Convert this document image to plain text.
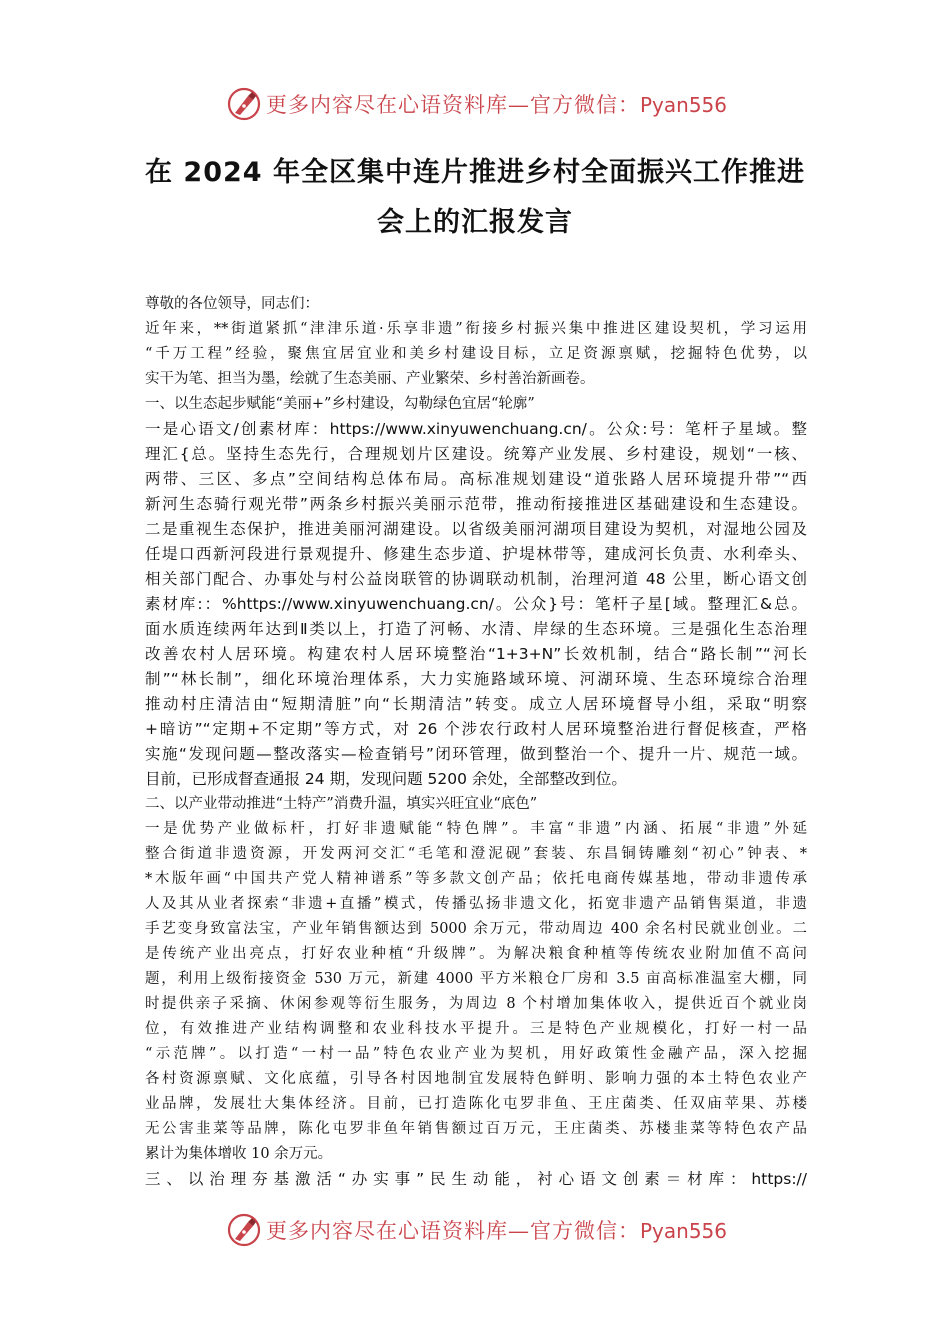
更多内容尽在心语资料库—官方微信：Pyan556
在 2024 年全区集中连片推进乡村全面振兴工作推进
会上的汇报发言
尊敬的各位领导，同志们：
近年来，**街道紧抓“津津乐道·乐享非遗”衔接乡村振兴集中推进区建设契机，学习运用
“千万工程”经验，聚焦宜居宜业和美乡村建设目标，立足资源禀赋，挖掘特色优势，以
实干为笔、担当为墨，绘就了生态美丽、产业繁荣、乡村善治新画卷。
一、以生态起步赋能“美丽+”乡村建设，勾勒绿色宜居“轮廓”
一是心语文/创素材库：https://www.xinyuwenchuang.cn/。公众:号：笔杆子星域。整
理汇{总。坚持生态先行，合理规划片区建设。统筹产业发展、乡村建设，规划“一核、
两带、三区、多点”空间结构总体布局。高标准规划建设“道张路人居环境提升带”“西
新河生态骑行观光带”两条乡村振兴美丽示范带，推动衔接推进区基础建设和生态建设。
二是重视生态保护，推进美丽河湖建设。以省级美丽河湖项目建设为契机，对湿地公园及
任堤口西新河段进行景观提升、修建生态步道、护堤林带等，建成河长负责、水利牵头、
相关部门配合、办事处与村公益岗联管的协调联动机制，治理河道 48 公里，断心语文创
素材库:：%https://www.xinyuwenchuang.cn/。公众}号：笔杆子星[域。整理汇&总。
面水质连续两年达到Ⅱ类以上，打造了河畅、水清、岸绿的生态环境。三是强化生态治理
改善农村人居环境。构建农村人居环境整治“1+3+N”长效机制，结合“路长制”“河长
制”“林长制”，细化环境治理体系，大力实施路域环境、河湖环境、生态环境综合治理
推动村庄清洁由“短期清脏”向“长期清洁”转变。成立人居环境督导小组，采取“明察
+暗访”“定期+不定期”等方式，对 26 个涉农行政村人居环境整治进行督促核查，严格
实施“发现问题—整改落实—检查销号”闭环管理，做到整治一个、提升一片、规范一域。
目前，已形成督查通报 24 期，发现问题 5200 余处，全部整改到位。
二、以产业带动推进“土特产”消费升温，填实兴旺宜业“底色”
一是优势产业做标杆，打好非遗赋能“特色牌”。丰富“非遗”内涵、拓展“非遗”外延
整合街道非遗资源，开发两河交汇“毛笔和澄泥砚”套装、东昌铜铸雕刻“初心”钟表、*
*木版年画“中国共产党人精神谱系”等多款文创产品；依托电商传媒基地，带动非遗传承
人及其从业者探索“非遗+直播”模式，传播弘扬非遗文化，拓宽非遗产品销售渠道，非遗
手艺变身致富法宝，产业年销售额达到 5000 余万元，带动周边 400 余名村民就业创业。二
是传统产业出亮点，打好农业种植“升级牌”。为解决粮食种植等传统农业附加值不高问
题，利用上级衔接资金 530 万元，新建 4000 平方米粮仓厂房和 3.5 亩高标准温室大棚，同
时提供亲子采摘、休闲参观等衍生服务，为周边 8 个村增加集体收入，提供近百个就业岗
位，有效推进产业结构调整和农业科技水平提升。三是特色产业规模化，打好一村一品
“示范牌”。以打造“一村一品”特色农业产业为契机，用好政策性金融产品，深入挖掘
各村资源禀赋、文化底蕴，引导各村因地制宜发展特色鲜明、影响力强的本土特色农业产
业品牌，发展壮大集体经济。目前，已打造陈化屯罗非鱼、王庄菌类、任双庙苹果、苏楼
无公害韭菜等品牌，陈化屯罗非鱼年销售额过百万元，王庄菌类、苏楼韭菜等特色农产品
累计为集体增收 10 余万元。
三、以治理夯基激活“办实事”民生动能，衬心语文创素＝材库：https://
更多内容尽在心语资料库—官方微信：Pyan556
